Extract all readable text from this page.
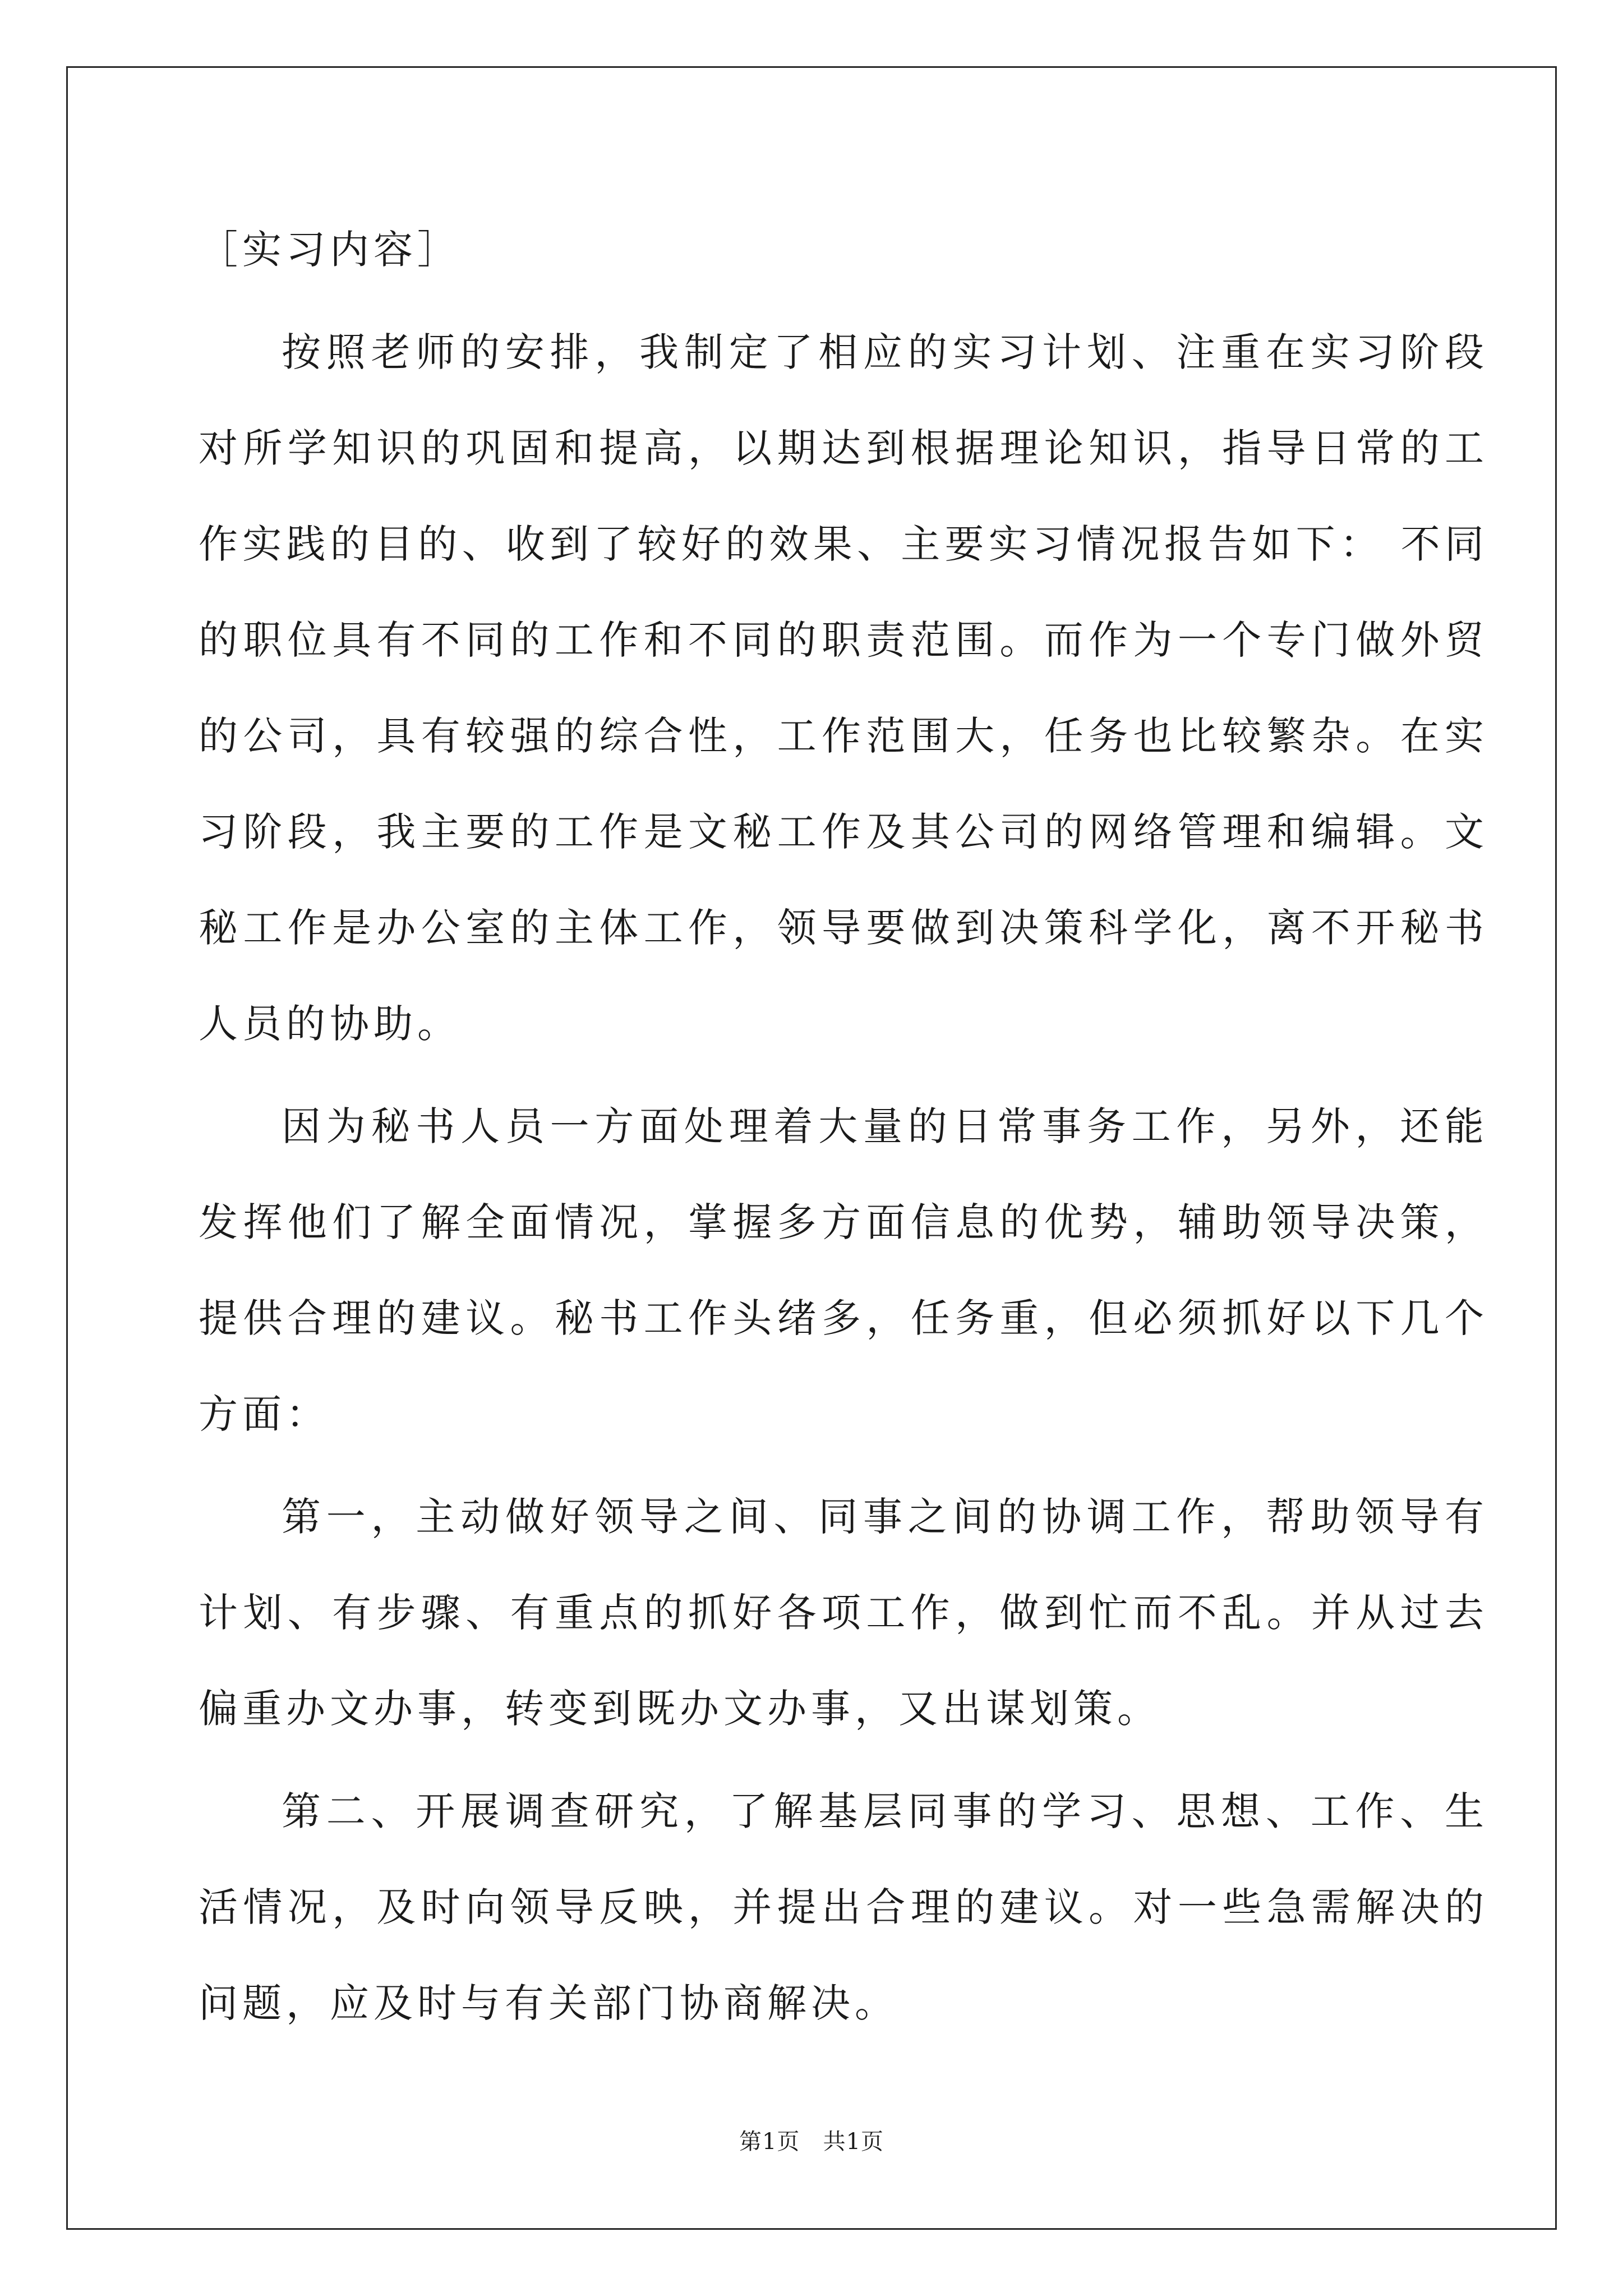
［实习内容］

按照老师的安排，我制定了相应的实习计划、注重在实习阶段对所学知识的巩固和提高，以期达到根据理论知识，指导日常的工作实践的目的、收到了较好的效果、主要实习情况报告如下： 不同的职位具有不同的工作和不同的职责范围。而作为一个专门做外贸的公司，具有较强的综合性，工作范围大，任务也比较繁杂。在实习阶段，我主要的工作是文秘工作及其公司的网络管理和编辑。文秘工作是办公室的主体工作，领导要做到决策科学化，离不开秘书人员的协助。

因为秘书人员一方面处理着大量的日常事务工作，另外，还能发挥他们了解全面情况，掌握多方面信息的优势，辅助领导决策，提供合理的建议。秘书工作头绪多，任务重，但必须抓好以下几个方面：

第一，主动做好领导之间、同事之间的协调工作，帮助领导有计划、有步骤、有重点的抓好各项工作，做到忙而不乱。并从过去偏重办文办事，转变到既办文办事，又出谋划策。

第二、开展调查研究，了解基层同事的学习、思想、工作、生活情况，及时向领导反映，并提出合理的建议。对一些急需解决的问题，应及时与有关部门协商解决。

第1页 共1页
